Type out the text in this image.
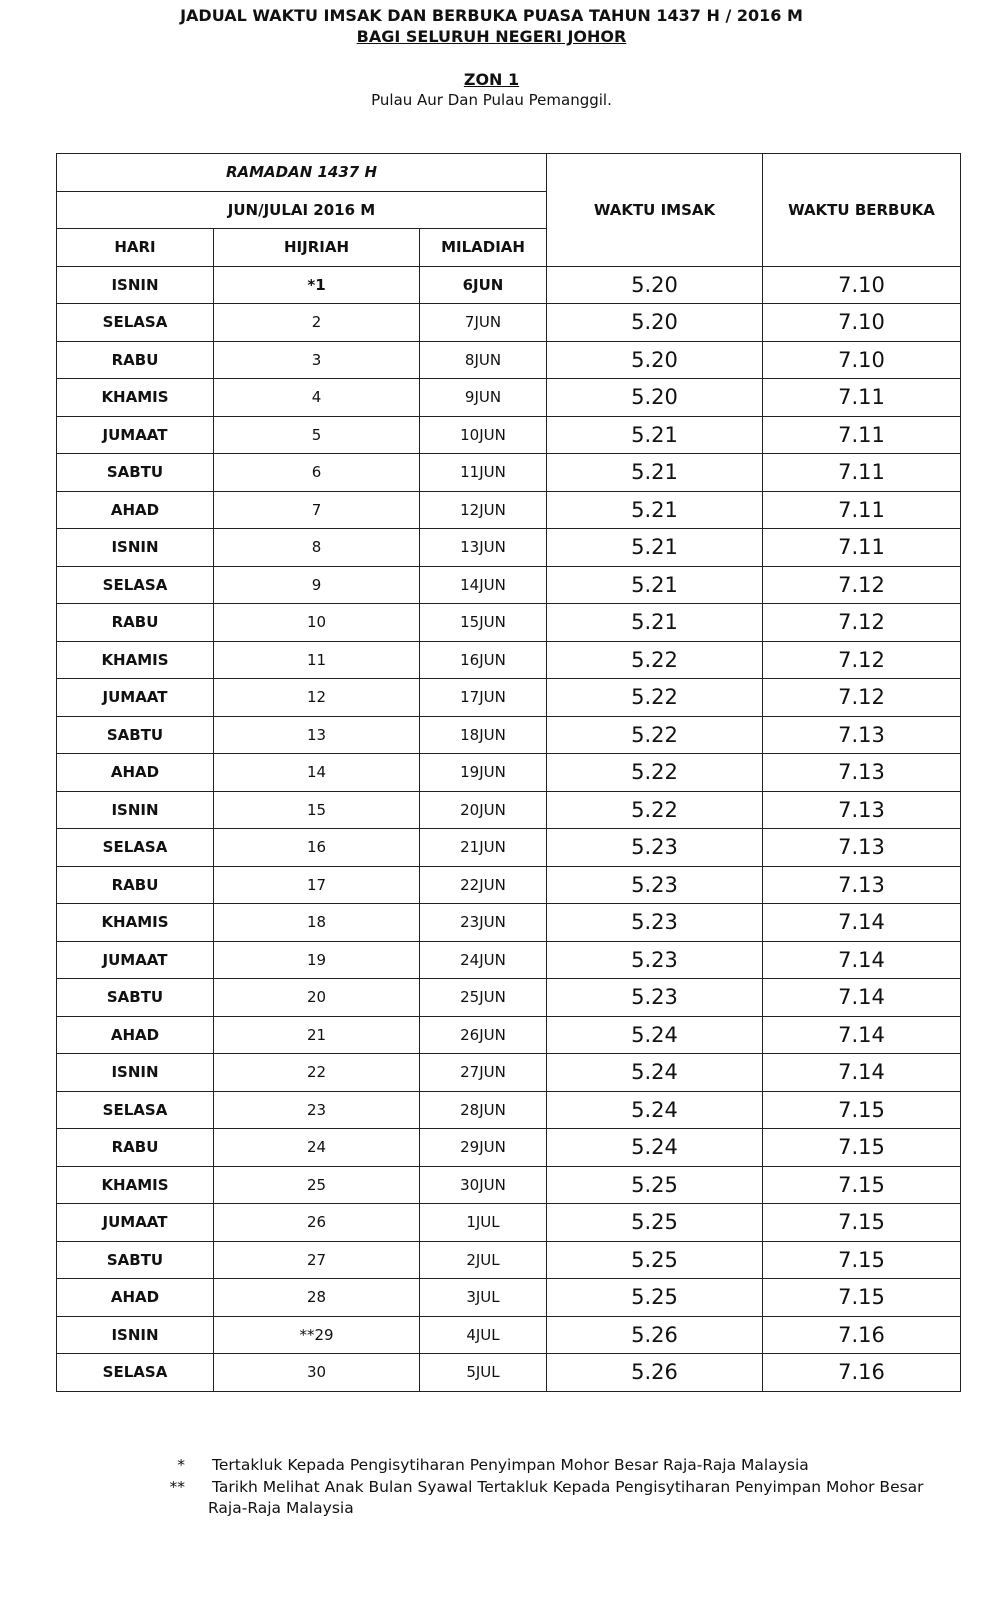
JADUAL WAKTU IMSAK DAN BERBUKA PUASA TAHUN 1437 H / 2016 M
BAGI SELURUH NEGERI JOHOR
ZON 1
Pulau Aur Dan Pulau Pemanggil.
RAMADAN 1437 H			WAKTU IMSAK	WAKTU BERBUKA
JUN/JULAI 2016 M				
HARI	HIJRIAH	MILADIAH		
ISNIN	*1	6JUN	5.20	7.10
SELASA	2	7JUN	5.20	7.10
RABU	3	8JUN	5.20	7.10
KHAMIS	4	9JUN	5.20	7.11
JUMAAT	5	10JUN	5.21	7.11
SABTU	6	11JUN	5.21	7.11
AHAD	7	12JUN	5.21	7.11
ISNIN	8	13JUN	5.21	7.11
SELASA	9	14JUN	5.21	7.12
RABU	10	15JUN	5.21	7.12
KHAMIS	11	16JUN	5.22	7.12
JUMAAT	12	17JUN	5.22	7.12
SABTU	13	18JUN	5.22	7.13
AHAD	14	19JUN	5.22	7.13
ISNIN	15	20JUN	5.22	7.13
SELASA	16	21JUN	5.23	7.13
RABU	17	22JUN	5.23	7.13
KHAMIS	18	23JUN	5.23	7.14
JUMAAT	19	24JUN	5.23	7.14
SABTU	20	25JUN	5.23	7.14
AHAD	21	26JUN	5.24	7.14
ISNIN	22	27JUN	5.24	7.14
SELASA	23	28JUN	5.24	7.15
RABU	24	29JUN	5.24	7.15
KHAMIS	25	30JUN	5.25	7.15
JUMAAT	26	1JUL	5.25	7.15
SABTU	27	2JUL	5.25	7.15
AHAD	28	3JUL	5.25	7.15
ISNIN	**29	4JUL	5.26	7.16
SELASA	30	5JUL	5.26	7.16
* Tertakluk Kepada Pengisytiharan Penyimpan Mohor Besar Raja-Raja Malaysia
** Tarikh Melihat Anak Bulan Syawal Tertakluk Kepada Pengisytiharan Penyimpan Mohor Besar
Raja-Raja Malaysia
